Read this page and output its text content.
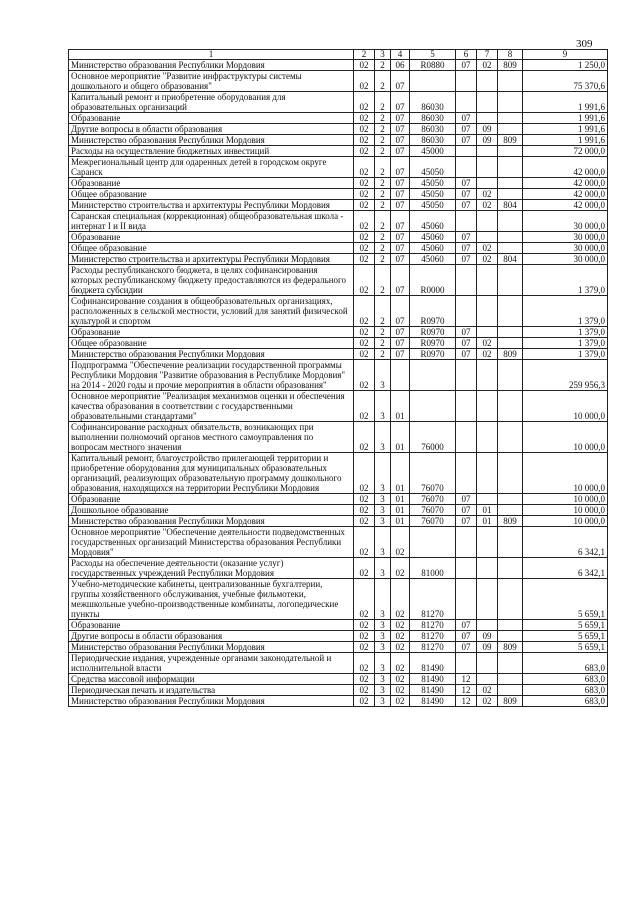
309
1	2	3	4	5	6	7	8	9
Министерство образования Республики Мордовия	02	2	06	R0880	07	02	809	1 250,0
Основное мероприятие "Развитие инфраструктуры системы дошкольного и общего образования"	02	2	07					75 370,6
Капитальный ремонт и приобретение оборудования для образовательных организаций	02	2	07	86030				1 991,6
Образование	02	2	07	86030	07			1 991,6
Другие вопросы в области образования	02	2	07	86030	07	09		1 991,6
Министерство образования Республики Мордовия	02	2	07	86030	07	09	809	1 991,6
Расходы на осуществление бюджетных инвестиций	02	2	07	45000				72 000,0
Межрегиональный центр для одаренных детей в городском округе Саранск	02	2	07	45050				42 000,0
Образование	02	2	07	45050	07			42 000,0
Общее образование	02	2	07	45050	07	02		42 000,0
Министерство строительства и архитектуры Республики Мордовия	02	2	07	45050	07	02	804	42 000,0
Саранская специальная (коррекционная) общеобразовательная школа - интернат I и II вида	02	2	07	45060				30 000,0
Образование	02	2	07	45060	07			30 000,0
Общее образование	02	2	07	45060	07	02		30 000,0
Министерство строительства и архитектуры Республики Мордовия	02	2	07	45060	07	02	804	30 000,0
Расходы республиканского бюджета, в целях софинансирования которых республиканскому бюджету предоставляются из федерального бюджета субсидии	02	2	07	R0000				1 379,0
Софинансирование создания в общеобразовательных организациях, расположенных в сельской местности, условий для занятий физической культурой и спортом	02	2	07	R0970				1 379,0
Образование	02	2	07	R0970	07			1 379,0
Общее образование	02	2	07	R0970	07	02		1 379,0
Министерство образования Республики Мордовия	02	2	07	R0970	07	02	809	1 379,0
Подпрограмма "Обеспечение реализации государственной программы Республики Мордовия "Развитие образования в Республике Мордовия" на 2014 - 2020 годы и прочие мероприятия в области образования"	02	3						259 956,3
Основное мероприятие "Реализация механизмов оценки и обеспечения качества образования в соответствии с государственными образовательными стандартами"	02	3	01					10 000,0
Софинансирование расходных обязательств, возникающих при выполнении полномочий органов местного самоуправления по вопросам местного значения	02	3	01	76000				10 000,0
Капитальный ремонт, благоустройство прилегающей территории и приобретение оборудования для муниципальных образовательных организаций, реализующих образовательную программу дошкольного образования, находящихся на территории Республики Мордовия	02	3	01	76070				10 000,0
Образование	02	3	01	76070	07			10 000,0
Дошкольное образование	02	3	01	76070	07	01		10 000,0
Министерство образования Республики Мордовия	02	3	01	76070	07	01	809	10 000,0
Основное мероприятие "Обеспечение деятельности подведомственных государственных организаций Министерства образования Республики Мордовия"	02	3	02					6 342,1
Расходы на обеспечение деятельности (оказание услуг) государственных учреждений Республики Мордовия	02	3	02	81000				6 342,1
Учебно-методические кабинеты, централизованные бухгалтерии, группы хозяйственного обслуживания, учебные фильмотеки, межшкольные учебно-производственные комбинаты, логопедические пункты	02	3	02	81270				5 659,1
Образование	02	3	02	81270	07			5 659,1
Другие вопросы в области образования	02	3	02	81270	07	09		5 659,1
Министерство образования Республики Мордовия	02	3	02	81270	07	09	809	5 659,1
Периодические издания, учрежденные органами законодательной и исполнительной власти	02	3	02	81490				683,0
Средства массовой информации	02	3	02	81490	12			683,0
Периодическая печать и издательства	02	3	02	81490	12	02		683,0
Министерство образования Республики Мордовия	02	3	02	81490	12	02	809	683,0
